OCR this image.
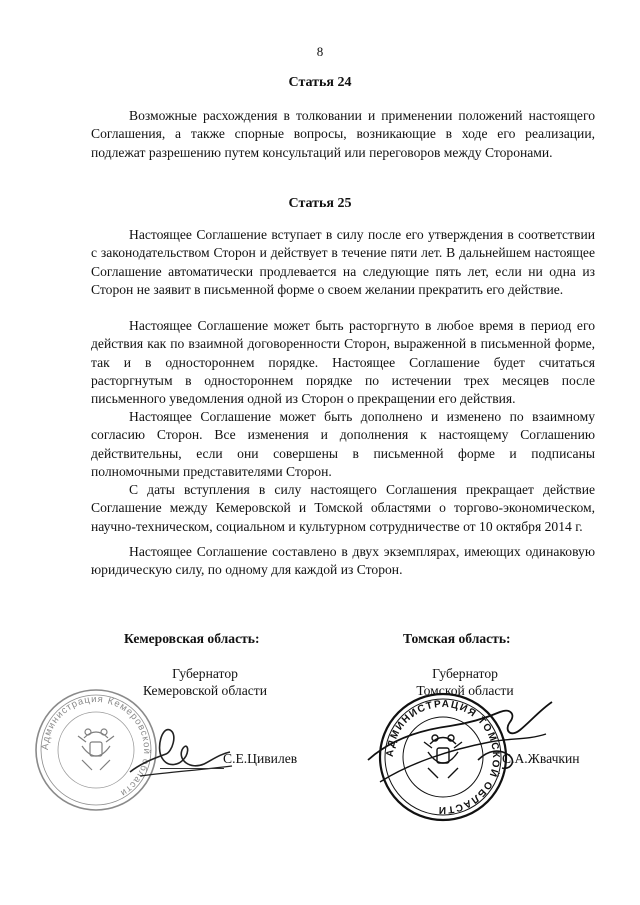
8
Статья 24

Возможные расхождения в толковании и применении положений настоящего Соглашения, а также спорные вопросы, возникающие в ходе его реализации, подлежат разрешению путем консультаций или переговоров между Сторонами.

Статья 25

Настоящее Соглашение вступает в силу после его утверждения в соответствии с законодательством Сторон и действует в течение пяти лет. В дальнейшем настоящее Соглашение автоматически продлевается на следующие пять лет, если ни одна из Сторон не заявит в письменной форме о своем желании прекратить его действие.

Настоящее Соглашение может быть расторгнуто в любое время в период его действия как по взаимной договоренности Сторон, выраженной в письменной форме, так и в одностороннем порядке. Настоящее Соглашение будет считаться расторгнутым в одностороннем порядке по истечении трех месяцев после письменного уведомления одной из Сторон о прекращении его действия.

Настоящее Соглашение может быть дополнено и изменено по взаимному согласию Сторон. Все изменения и дополнения к настоящему Соглашению действительны, если они совершены в письменной форме и подписаны полномочными представителями Сторон.

С даты вступления в силу настоящего Соглашения прекращает действие Соглашение между Кемеровской и Томской областями о торгово-экономическом, научно-техническом, социальном и культурном сотрудничестве от 10 октября 2014 г.

Настоящее Соглашение составлено в двух экземплярах, имеющих одинаковую юридическую силу, по одному для каждой из Сторон.

Кемеровская область:
Губернатор
Кемеровской области
Администрация Кемеровской области
С.Е.Цивилев
Томская область:
Губернатор
Томской области
АДМИНИСТРАЦИЯ ТОМСКОЙ ОБЛАСТИ
С.А.Жвачкин
